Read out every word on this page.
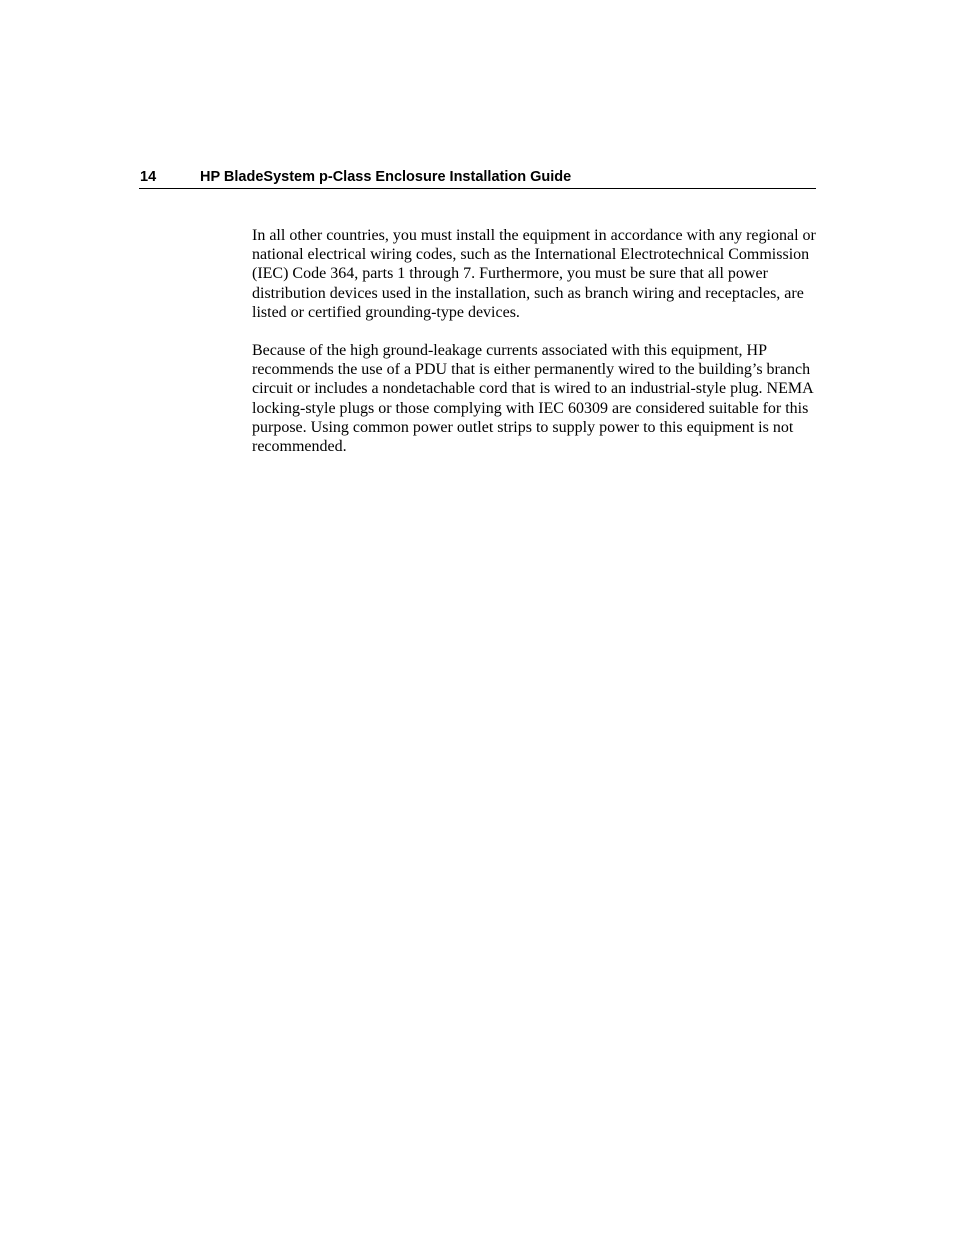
14	HP BladeSystem p-Class Enclosure Installation Guide

In all other countries, you must install the equipment in accordance with any regional or national electrical wiring codes, such as the International Electrotechnical Commission (IEC) Code 364, parts 1 through 7. Furthermore, you must be sure that all power distribution devices used in the installation, such as branch wiring and receptacles, are listed or certified grounding-type devices.

Because of the high ground-leakage currents associated with this equipment, HP recommends the use of a PDU that is either permanently wired to the building’s branch circuit or includes a nondetachable cord that is wired to an industrial-style plug. NEMA locking-style plugs or those complying with IEC 60309 are considered suitable for this purpose. Using common power outlet strips to supply power to this equipment is not recommended.
